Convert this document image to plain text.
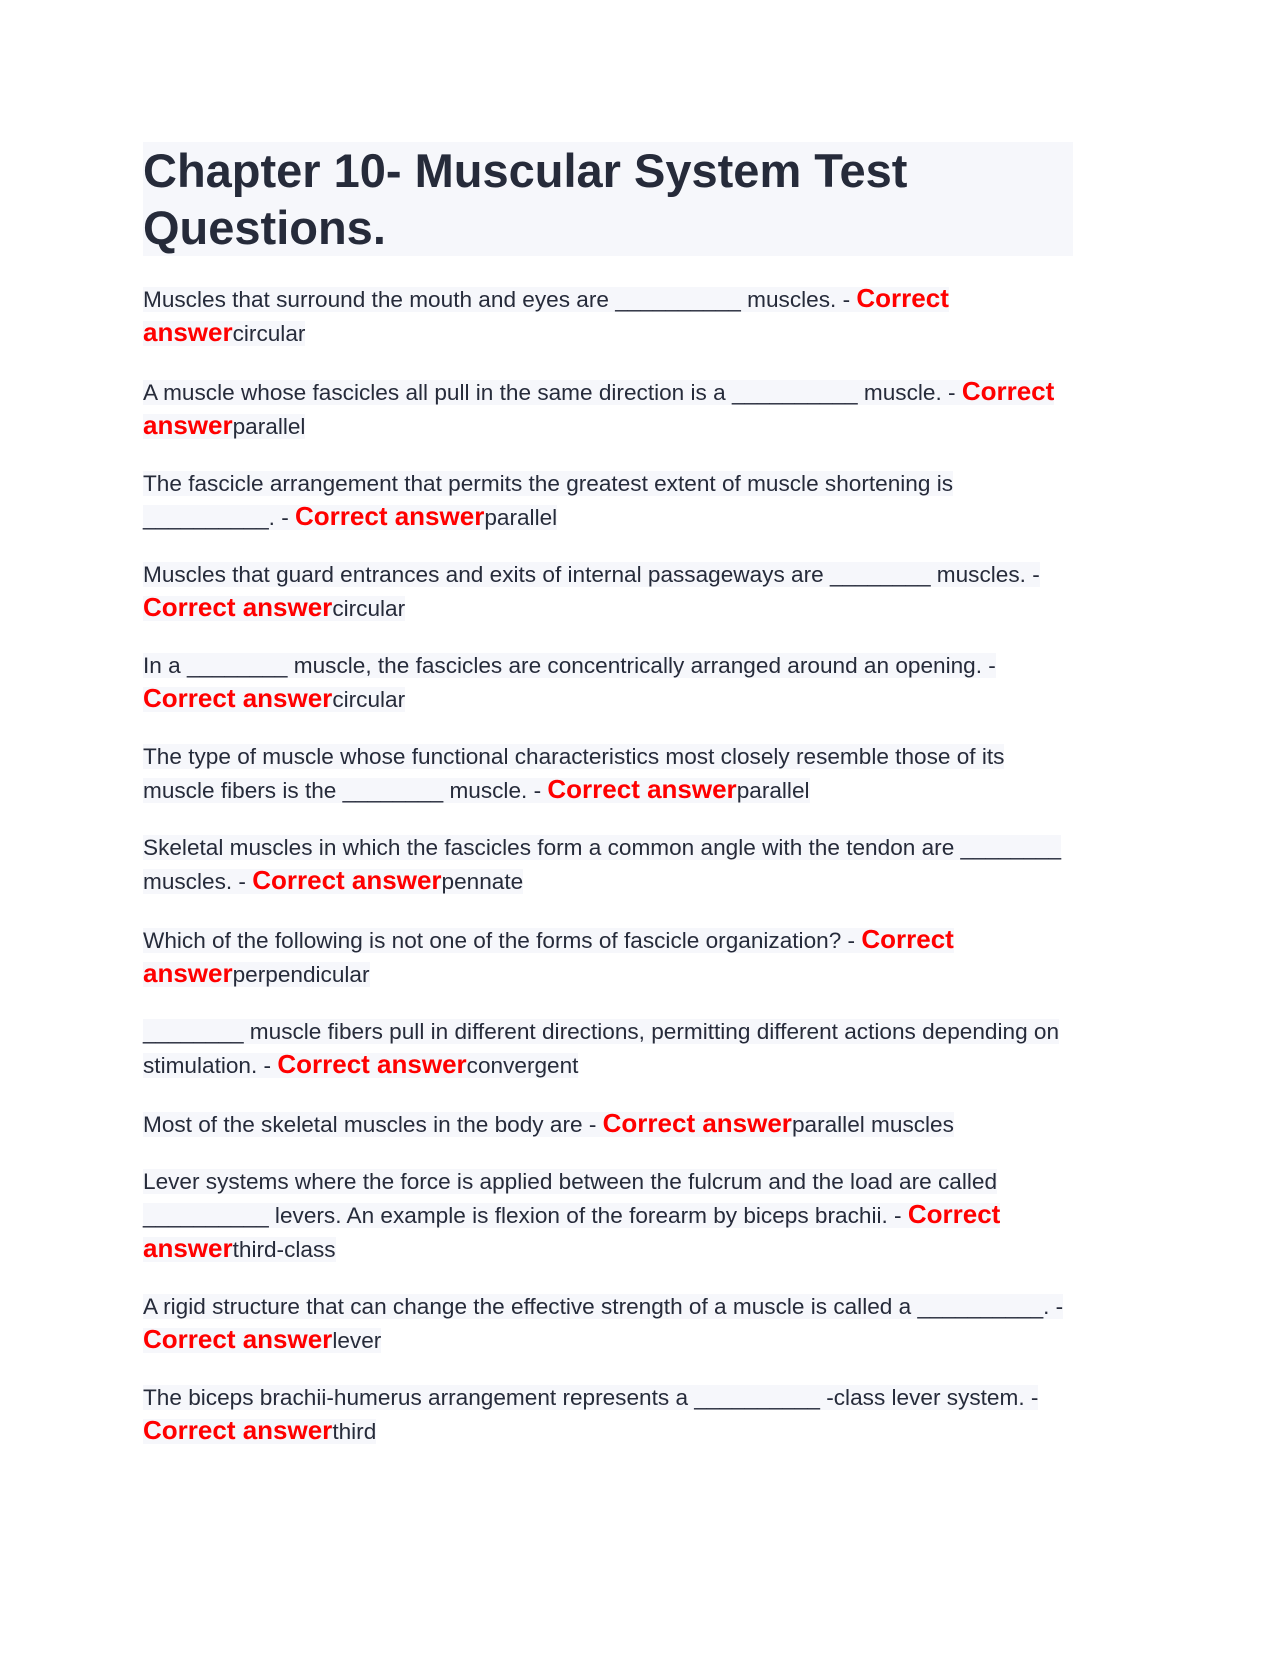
Chapter 10- Muscular System Test Questions.

Muscles that surround the mouth and eyes are __________ muscles. - Correct answercircular

A muscle whose fascicles all pull in the same direction is a __________ muscle. - Correct answerparallel

The fascicle arrangement that permits the greatest extent of muscle shortening is __________. - Correct answerparallel

Muscles that guard entrances and exits of internal passageways are ________ muscles. - Correct answercircular

In a ________ muscle, the fascicles are concentrically arranged around an opening. - Correct answercircular

The type of muscle whose functional characteristics most closely resemble those of its muscle fibers is the ________ muscle. - Correct answerparallel

Skeletal muscles in which the fascicles form a common angle with the tendon are ________ muscles. - Correct answerpennate

Which of the following is not one of the forms of fascicle organization? - Correct answerperpendicular

________ muscle fibers pull in different directions, permitting different actions depending on stimulation. - Correct answerconvergent

Most of the skeletal muscles in the body are - Correct answerparallel muscles

Lever systems where the force is applied between the fulcrum and the load are called __________ levers. An example is flexion of the forearm by biceps brachii. - Correct answerthird-class

A rigid structure that can change the effective strength of a muscle is called a __________. - Correct answerlever

The biceps brachii-humerus arrangement represents a __________ -class lever system. - Correct answerthird
